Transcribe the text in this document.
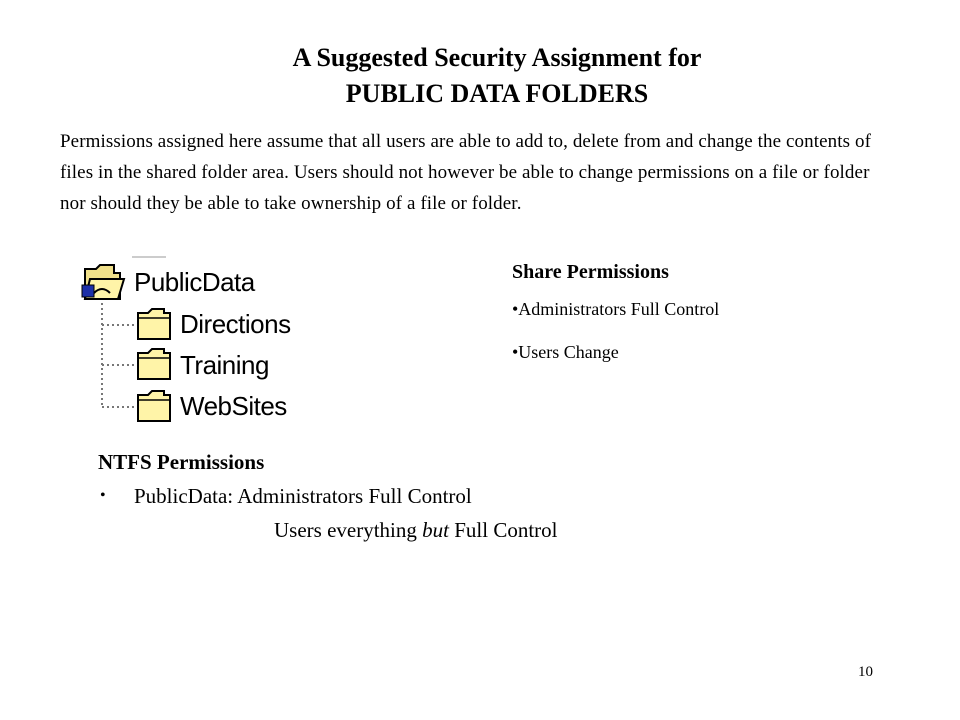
A Suggested Security Assignment for
PUBLIC DATA FOLDERS
Permissions assigned here assume that all users are able to add to, delete from and change the contents of files in the shared folder area. Users should not however be able to change permissions on a file or folder nor should they be able to take ownership of a file or folder.
PublicData
Directions
Training
WebSites
Share Permissions
•Administrators Full Control
•Users Change
NTFS Permissions
• PublicData: Administrators Full Control
Users everything but Full Control
10
